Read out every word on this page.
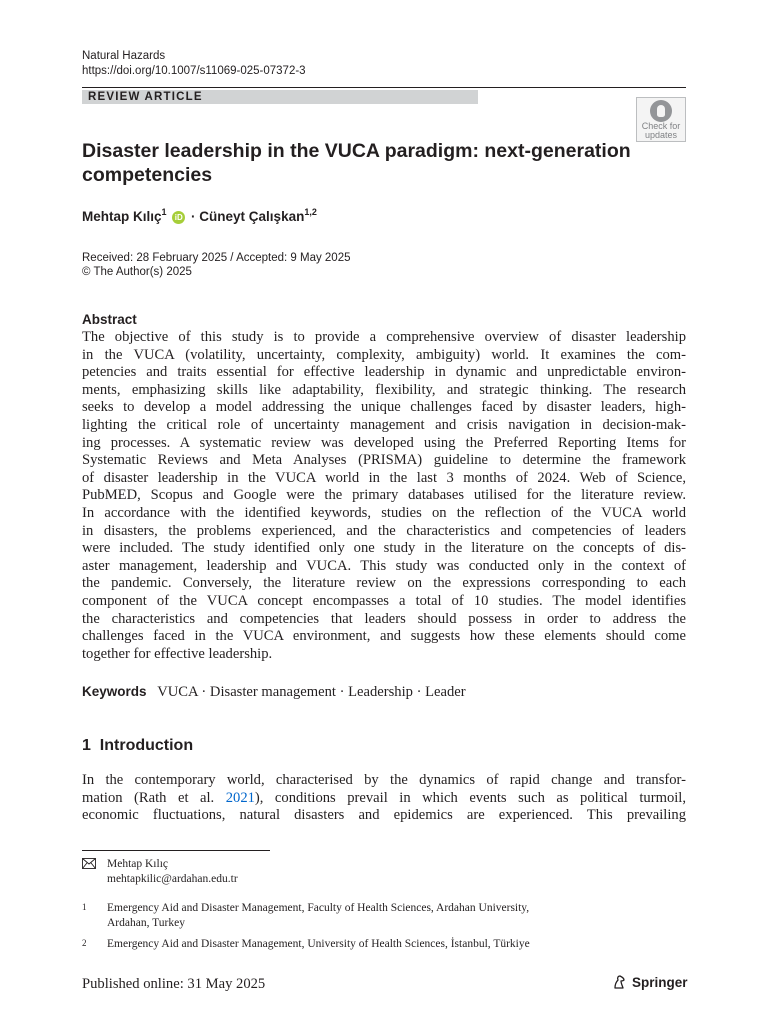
Natural Hazards
https://doi.org/10.1007/s11069-025-07372-3
REVIEW ARTICLE
Check for
updates
Disaster leadership in the VUCA paradigm: next-generation
competencies
Mehtap Kılıç$^1$ iD · Cüneyt Çalışkan$^{1,2}$
Received: 28 February 2025 / Accepted: 9 May 2025
© The Author(s) 2025
Abstract
The objective of this study is to provide a comprehensive overview of disaster leadership
in the VUCA (volatility, uncertainty, complexity, ambiguity) world. It examines the com-
petencies and traits essential for effective leadership in dynamic and unpredictable environ-
ments, emphasizing skills like adaptability, flexibility, and strategic thinking. The research
seeks to develop a model addressing the unique challenges faced by disaster leaders, high-
lighting the critical role of uncertainty management and crisis navigation in decision-mak-
ing processes. A systematic review was developed using the Preferred Reporting Items for
Systematic Reviews and Meta Analyses (PRISMA) guideline to determine the framework
of disaster leadership in the VUCA world in the last 3 months of 2024. Web of Science,
PubMED, Scopus and Google were the primary databases utilised for the literature review.
In accordance with the identified keywords, studies on the reflection of the VUCA world
in disasters, the problems experienced, and the characteristics and competencies of leaders
were included. The study identified only one study in the literature on the concepts of dis-
aster management, leadership and VUCA. This study was conducted only in the context of
the pandemic. Conversely, the literature review on the expressions corresponding to each
component of the VUCA concept encompasses a total of 10 studies. The model identifies
the characteristics and competencies that leaders should possess in order to address the
challenges faced in the VUCA environment, and suggests how these elements should come
together for effective leadership.
Keywords VUCA · Disaster management · Leadership · Leader
1  Introduction
In the contemporary world, characterised by the dynamics of rapid change and transfor-
mation (Rath et al. 2021), conditions prevail in which events such as political turmoil,
economic fluctuations, natural disasters and epidemics are experienced. This prevailing
Mehtap Kılıç
mehtapkilic@ardahan.edu.tr
1 Emergency Aid and Disaster Management, Faculty of Health Sciences, Ardahan University,
Ardahan, Turkey
2 Emergency Aid and Disaster Management, University of Health Sciences, İstanbul, Türkiye
Published online: 31 May 2025	Springer
